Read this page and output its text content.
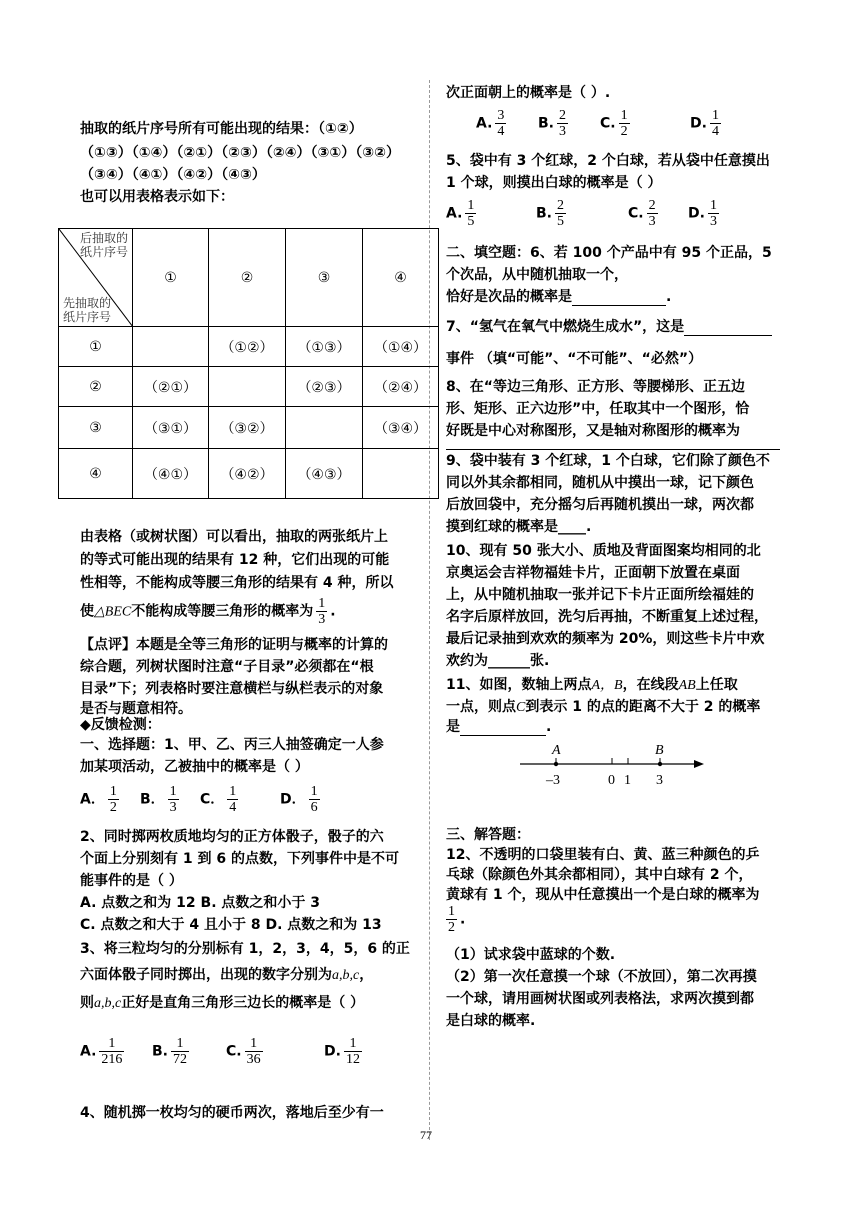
抽取的纸片序号所有可能出现的结果：（①②）
（①③）（①④）（②①）（②③）（②④）（③①）（③②）
（③④）（④①）（④②）（④③）
也可以用表格表示如下：
后抽取的
纸片序号
先抽取的
纸片序号	①	②	③	④
①		（①②）	（①③）	（①④）
②	（②①）		（②③）	（②④）
③	（③①）	（③②）		（③④）
④	（④①）	（④②）	（④③）	
由表格（或树状图）可以看出，抽取的两张纸片上
的等式可能出现的结果有 12 种，它们出现的可能
性相等，不能构成等腰三角形的结果有 4 种，所以
使△BEC不能构成等腰三角形的概率为 $\frac{1}{3}$ .
【点评】本题是全等三角形的证明与概率的计算的
综合题，列树状图时注意“子目录”必须都在“根
目录”下；列表格时要注意横栏与纵栏表示的对象
是否与题意相符。
◆反馈检测：
一、选择题：1、甲、乙、丙三人抽签确定一人参
加某项活动，乙被抽中的概率是（ ）
A． $\frac{1}{2}$ B． $\frac{1}{3}$ C． $\frac{1}{4}$	D． $\frac{1}{6}$
2、同时掷两枚质地均匀的正方体骰子，骰子的六
个面上分别刻有 1 到 6 的点数，下列事件中是不可
能事件的是（ ）
A. 点数之和为 12 B. 点数之和小于 3
C. 点数之和大于 4 且小于 8 D. 点数之和为 13
3、将三粒均匀的分别标有 1，2，3，4，5，6 的正
六面体骰子同时掷出，出现的数字分别为a,b,c，
则a,b,c正好是直角三角形三边长的概率是（ ）
A. $\frac{1}{216} B$. $\frac{1}{72}$	C. $\frac{1}{36}$	D. $\frac{1}{12}$
4、随机掷一枚均匀的硬币两次，落地后至少有一
次正面朝上的概率是（ ）.
A. $\frac{3}{4} B$. $\frac{2}{3} C$. $\frac{1}{2}$	D. $\frac{1}{4}$
5、袋中有 3 个红球，2 个白球，若从袋中任意摸出
1 个球，则摸出白球的概率是（ ）
A. $\frac{1}{5}$	B. $\frac{2}{5}$	C. $\frac{2}{3} D$. $\frac{1}{3}$
二、填空题：6、若 100 个产品中有 95 个正品，5
个次品，从中随机抽取一个，
恰好是次品的概率是	.
7、“氢气在氧气中燃烧生成水”，这是
事件 （填“可能”、“不可能”、“必然”）
8、在“等边三角形、正方形、等腰梯形、正五边
形、矩形、正六边形”中，任取其中一个图形，恰
好既是中心对称图形，又是轴对称图形的概率为
9、袋中装有 3 个红球，1 个白球，它们除了颜色不
同以外其余都相同，随机从中摸出一球，记下颜色
后放回袋中，充分摇匀后再随机摸出一球，两次都
摸到红球的概率是____.
10、现有 50 张大小、质地及背面图案均相同的北
京奥运会吉祥物福娃卡片，正面朝下放置在桌面
上，从中随机抽取一张并记下卡片正面所绘福娃的
名字后原样放回，洗匀后再抽，不断重复上述过程，
最后记录抽到欢欢的频率为 20%，则这些卡片中欢
欢约为______张.
11、如图，数轴上两点A，B，在线段AB上任取
一点，则点C到表示 1 的点的距离不大于 2 的概率
是	.
三、解答题：
12、不透明的口袋里装有白、黄、蓝三种颜色的乒
乓球（除颜色外其余都相同），其中白球有 2 个，
黄球有 1 个，现从中任意摸出一个是白球的概率为
$\frac{1}{2}$ .
（1）试求袋中蓝球的个数.
（2）第一次任意摸一个球（不放回），第二次再摸
一个球，请用画树状图或列表格法，求两次摸到都
是白球的概率.
A	B
–3	0 1 3
77
